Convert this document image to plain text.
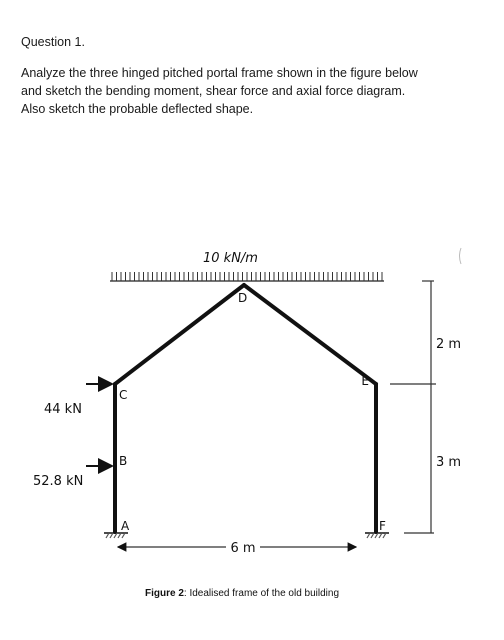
Question 1.
Analyze the three hinged pitched portal frame shown in the figure below
and sketch the bending moment, shear force and axial force diagram.
Also sketch the probable deflected shape.
10 kN/m
C
B
A
D
E
F
44 kN
52.8 kN
2 m
3 m
6 m
Figure 2: Idealised frame of the old building
